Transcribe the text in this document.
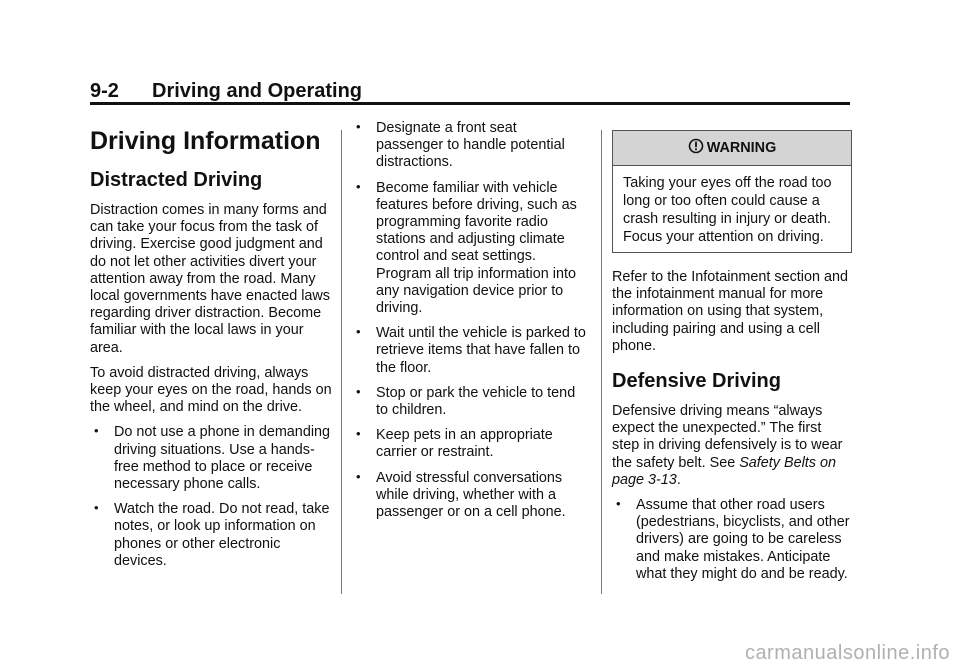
9-2 Driving and Operating
Driving Information
Distracted Driving

Distraction comes in many forms and can take your focus from the task of driving. Exercise good judgment and do not let other activities divert your attention away from the road. Many local governments have enacted laws regarding driver distraction. Become familiar with the local laws in your area.

To avoid distracted driving, always keep your eyes on the road, hands on the wheel, and mind on the drive.

• Do not use a phone in demanding driving situations. Use a hands-free method to place or receive necessary phone calls.
• Watch the road. Do not read, take notes, or look up information on phones or other electronic devices.
• Designate a front seat passenger to handle potential distractions.
• Become familiar with vehicle features before driving, such as programming favorite radio stations and adjusting climate control and seat settings. Program all trip information into any navigation device prior to driving.
• Wait until the vehicle is parked to retrieve items that have fallen to the floor.
• Stop or park the vehicle to tend to children.
• Keep pets in an appropriate carrier or restraint.
• Avoid stressful conversations while driving, whether with a passenger or on a cell phone.
WARNING
Taking your eyes off the road too long or too often could cause a crash resulting in injury or death. Focus your attention on driving.

Refer to the Infotainment section and the infotainment manual for more information on using that system, including pairing and using a cell phone.

Defensive Driving

Defensive driving means “always expect the unexpected.” The first step in driving defensively is to wear the safety belt. See Safety Belts on page 3-13.

• Assume that other road users (pedestrians, bicyclists, and other drivers) are going to be careless and make mistakes. Anticipate what they might do and be ready.
carmanualsonline.info
